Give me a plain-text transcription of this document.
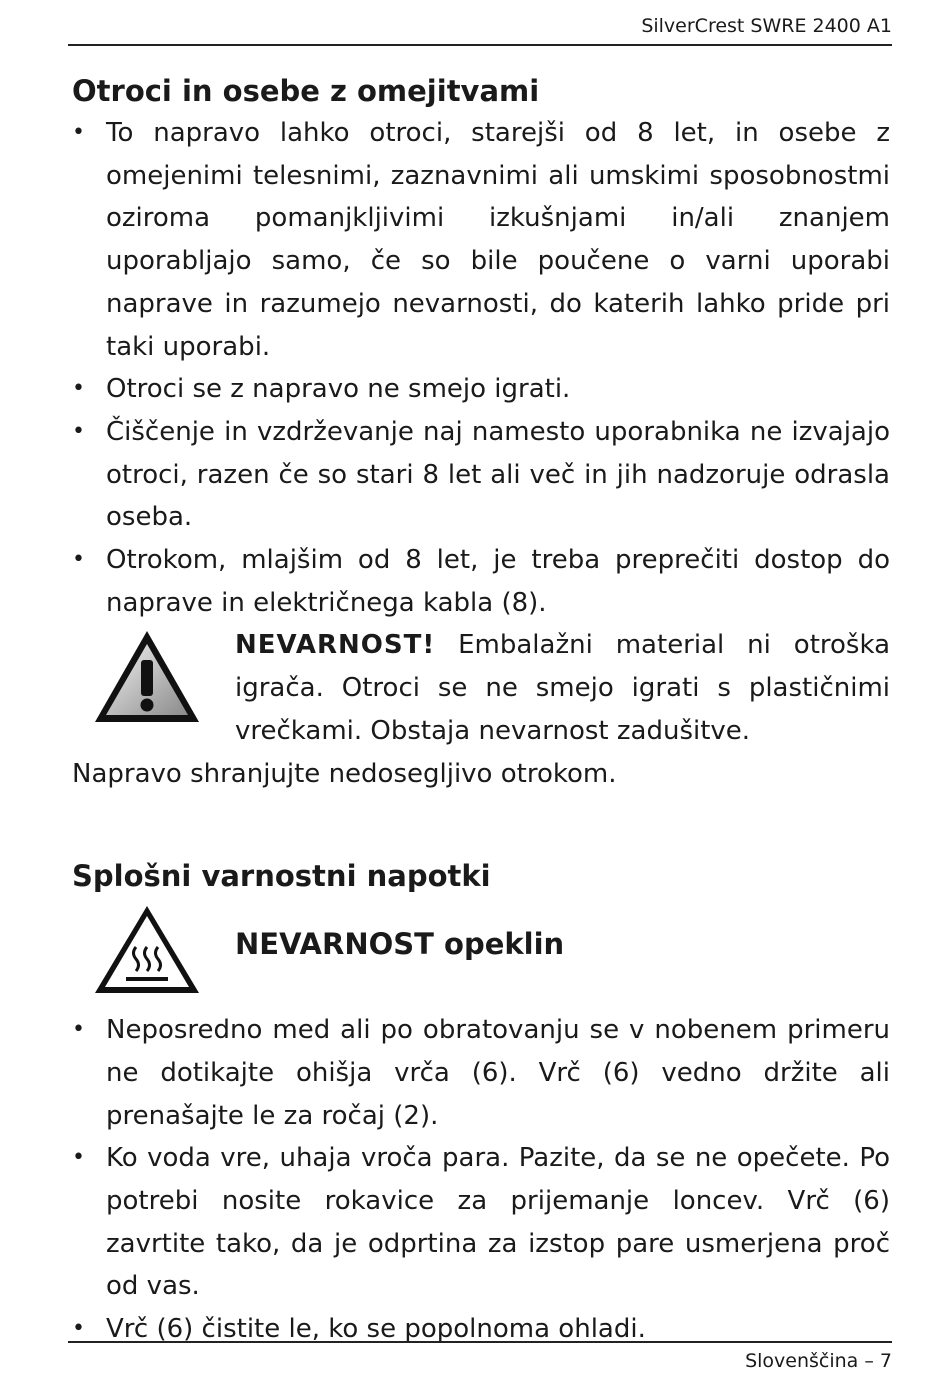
SilverCrest SWRE 2400 A1
Otroci in osebe z omejitvami
• To napravo lahko otroci, starejši od 8 let, in osebe z omejenimi telesnimi, zaznavnimi ali umskimi sposobnostmi oziroma pomanjkljivimi izkušnjami in/ali znanjem uporabljajo samo, če so bile poučene o varni uporabi naprave in razumejo nevarnosti, do katerih lahko pride pri taki uporabi.
• Otroci se z napravo ne smejo igrati.
• Čiščenje in vzdrževanje naj namesto uporabnika ne izvajajo otroci, razen če so stari 8 let ali več in jih nadzoruje odrasla oseba.
• Otrokom, mlajšim od 8 let, je treba preprečiti dostop do naprave in električnega kabla (8).

NEVARNOST! Embalažni material ni otroška igrača. Otroci se ne smejo igrati s plastičnimi vrečkami. Obstaja nevarnost zadušitve.

Napravo shranjujte nedosegljivo otrokom.

Splošni varnostni napotki
NEVARNOST opeklin
• Neposredno med ali po obratovanju se v nobenem primeru ne dotikajte ohišja vrča (6). Vrč (6) vedno držite ali prenašajte le za ročaj (2).
• Ko voda vre, uhaja vroča para. Pazite, da se ne opečete. Po potrebi nosite rokavice za prijemanje loncev. Vrč (6) zavrtite tako, da je odprtina za izstop pare usmerjena proč od vas.
• Vrč (6) čistite le, ko se popolnoma ohladi.
Slovenščina – 7
